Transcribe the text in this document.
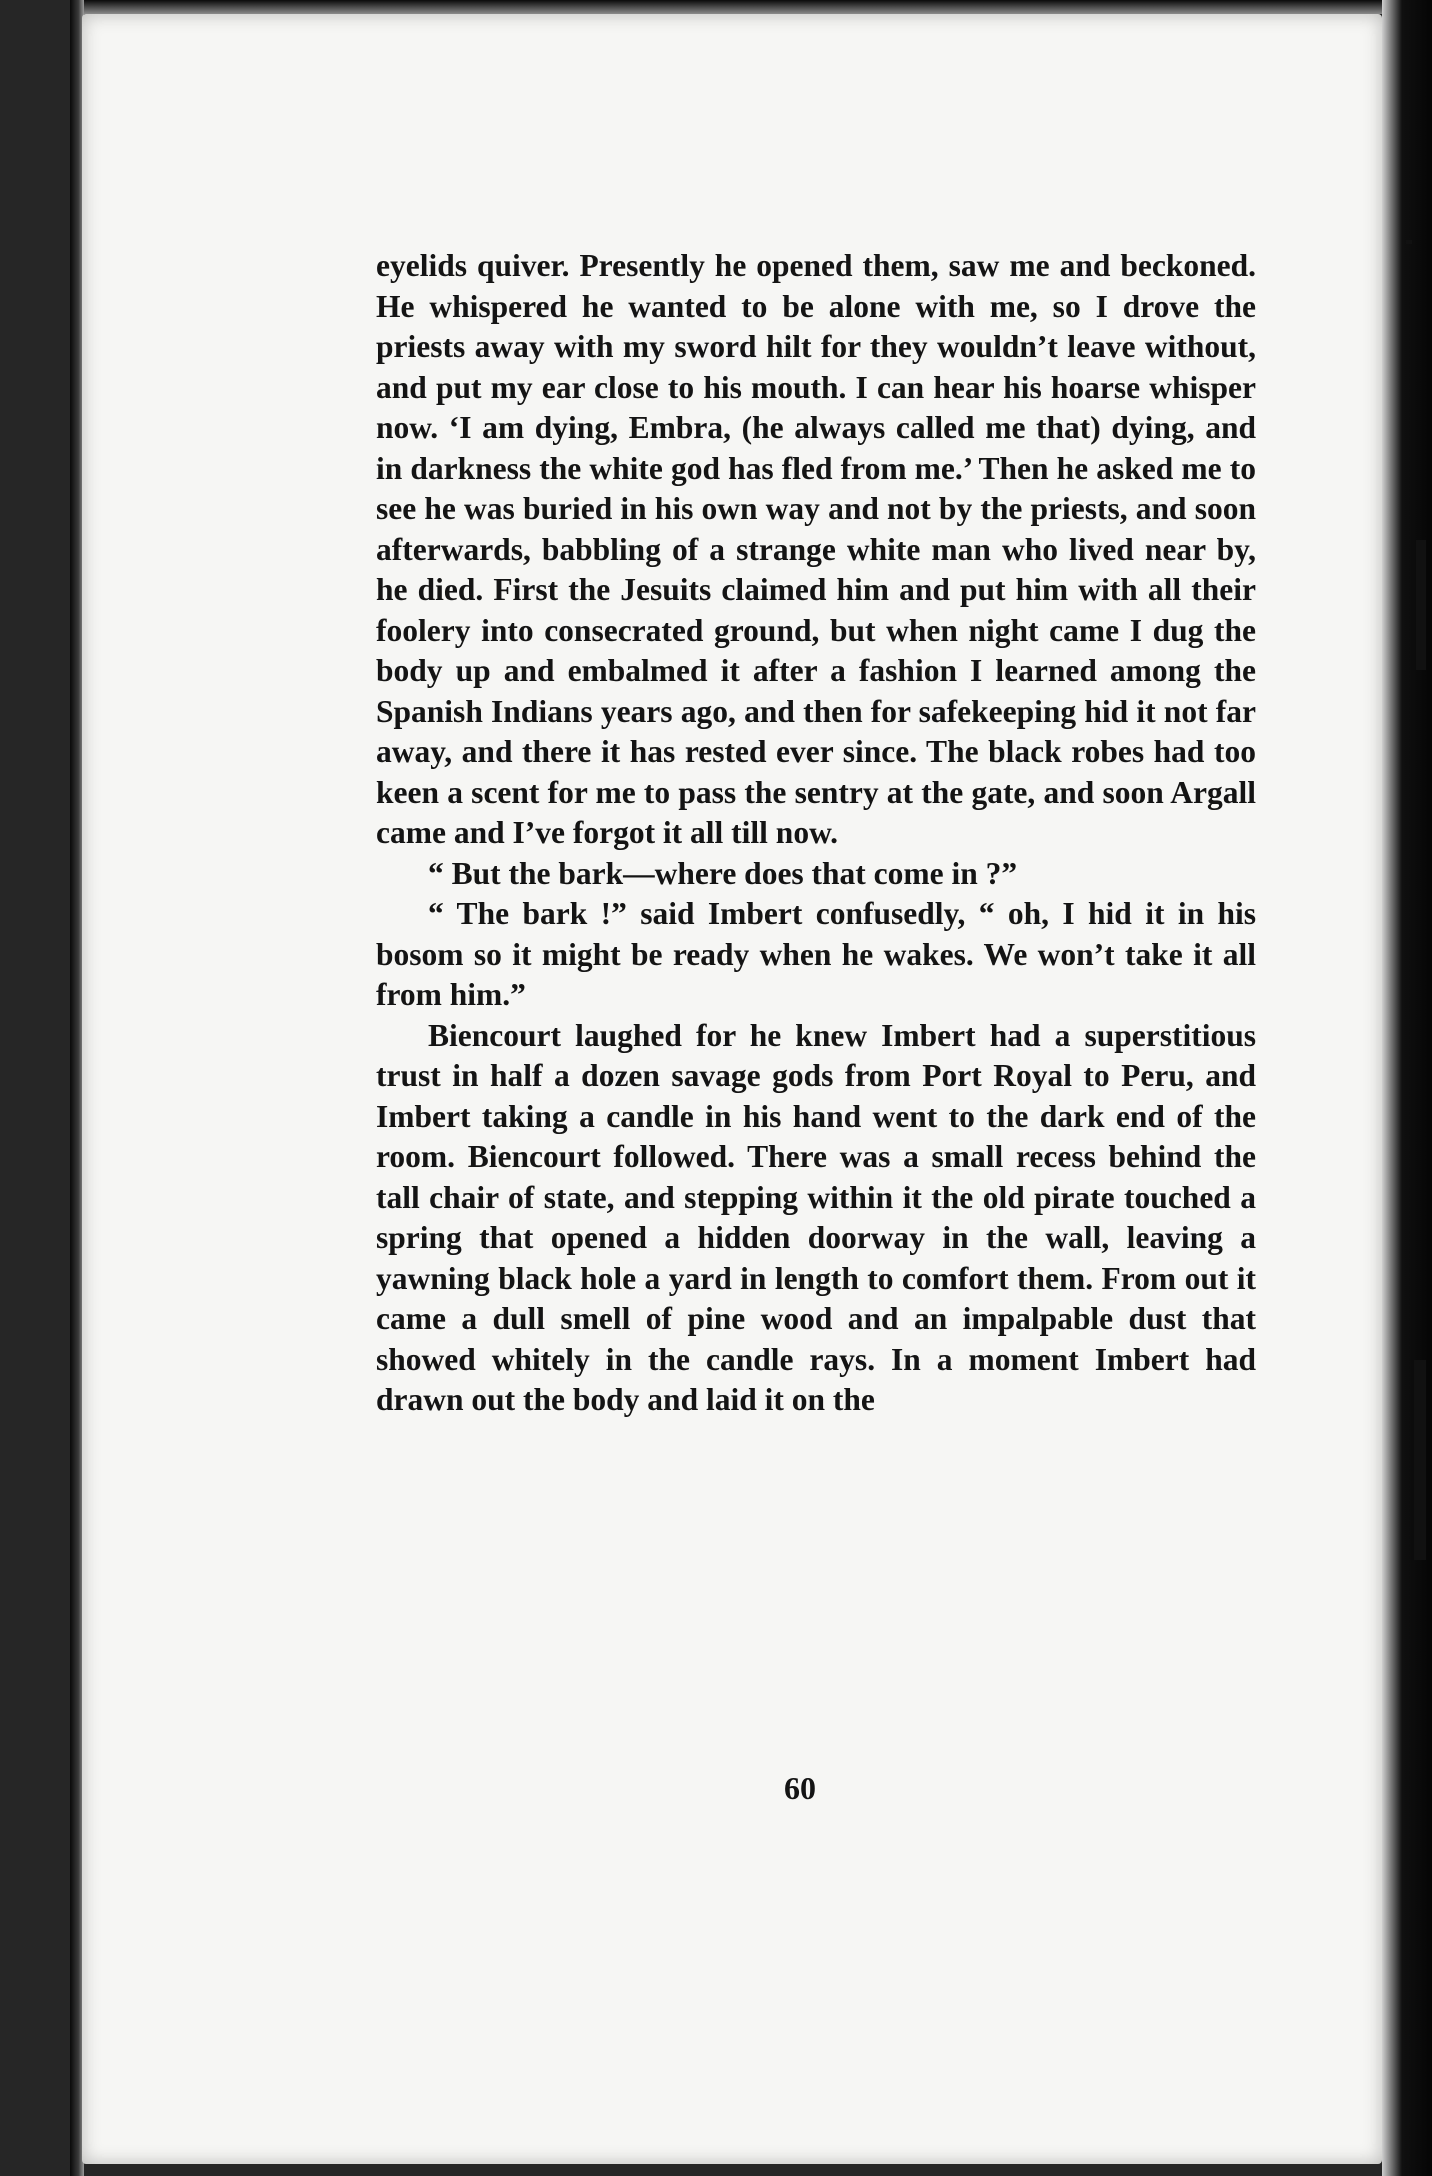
eyelids quiver. Presently he opened them, saw me and beckoned. He whispered he wanted to be alone with me, so I drove the priests away with my sword hilt for they wouldn’t leave without, and put my ear close to his mouth. I can hear his hoarse whisper now. ‘I am dying, Embra, (he always called me that) dying, and in darkness the white god has fled from me.’ Then he asked me to see he was buried in his own way and not by the priests, and soon afterwards, babbling of a strange white man who lived near by, he died. First the Jesuits claimed him and put him with all their foolery into consecrated ground, but when night came I dug the body up and embalmed it after a fashion I learned among the Spanish Indians years ago, and then for safekeeping hid it not far away, and there it has rested ever since. The black robes had too keen a scent for me to pass the sentry at the gate, and soon Argall came and I’ve forgot it all till now.

“ But the bark—where does that come in ?”

“ The bark !” said Imbert confusedly, “ oh, I hid it in his bosom so it might be ready when he wakes. We won’t take it all from him.”

Biencourt laughed for he knew Imbert had a superstitious trust in half a dozen savage gods from Port Royal to Peru, and Imbert taking a candle in his hand went to the dark end of the room. Biencourt followed. There was a small recess behind the tall chair of state, and stepping within it the old pirate touched a spring that opened a hidden doorway in the wall, leaving a yawning black hole a yard in length to comfort them. From out it came a dull smell of pine wood and an impalpable dust that showed whitely in the candle rays. In a moment Imbert had drawn out the body and laid it on the

60
